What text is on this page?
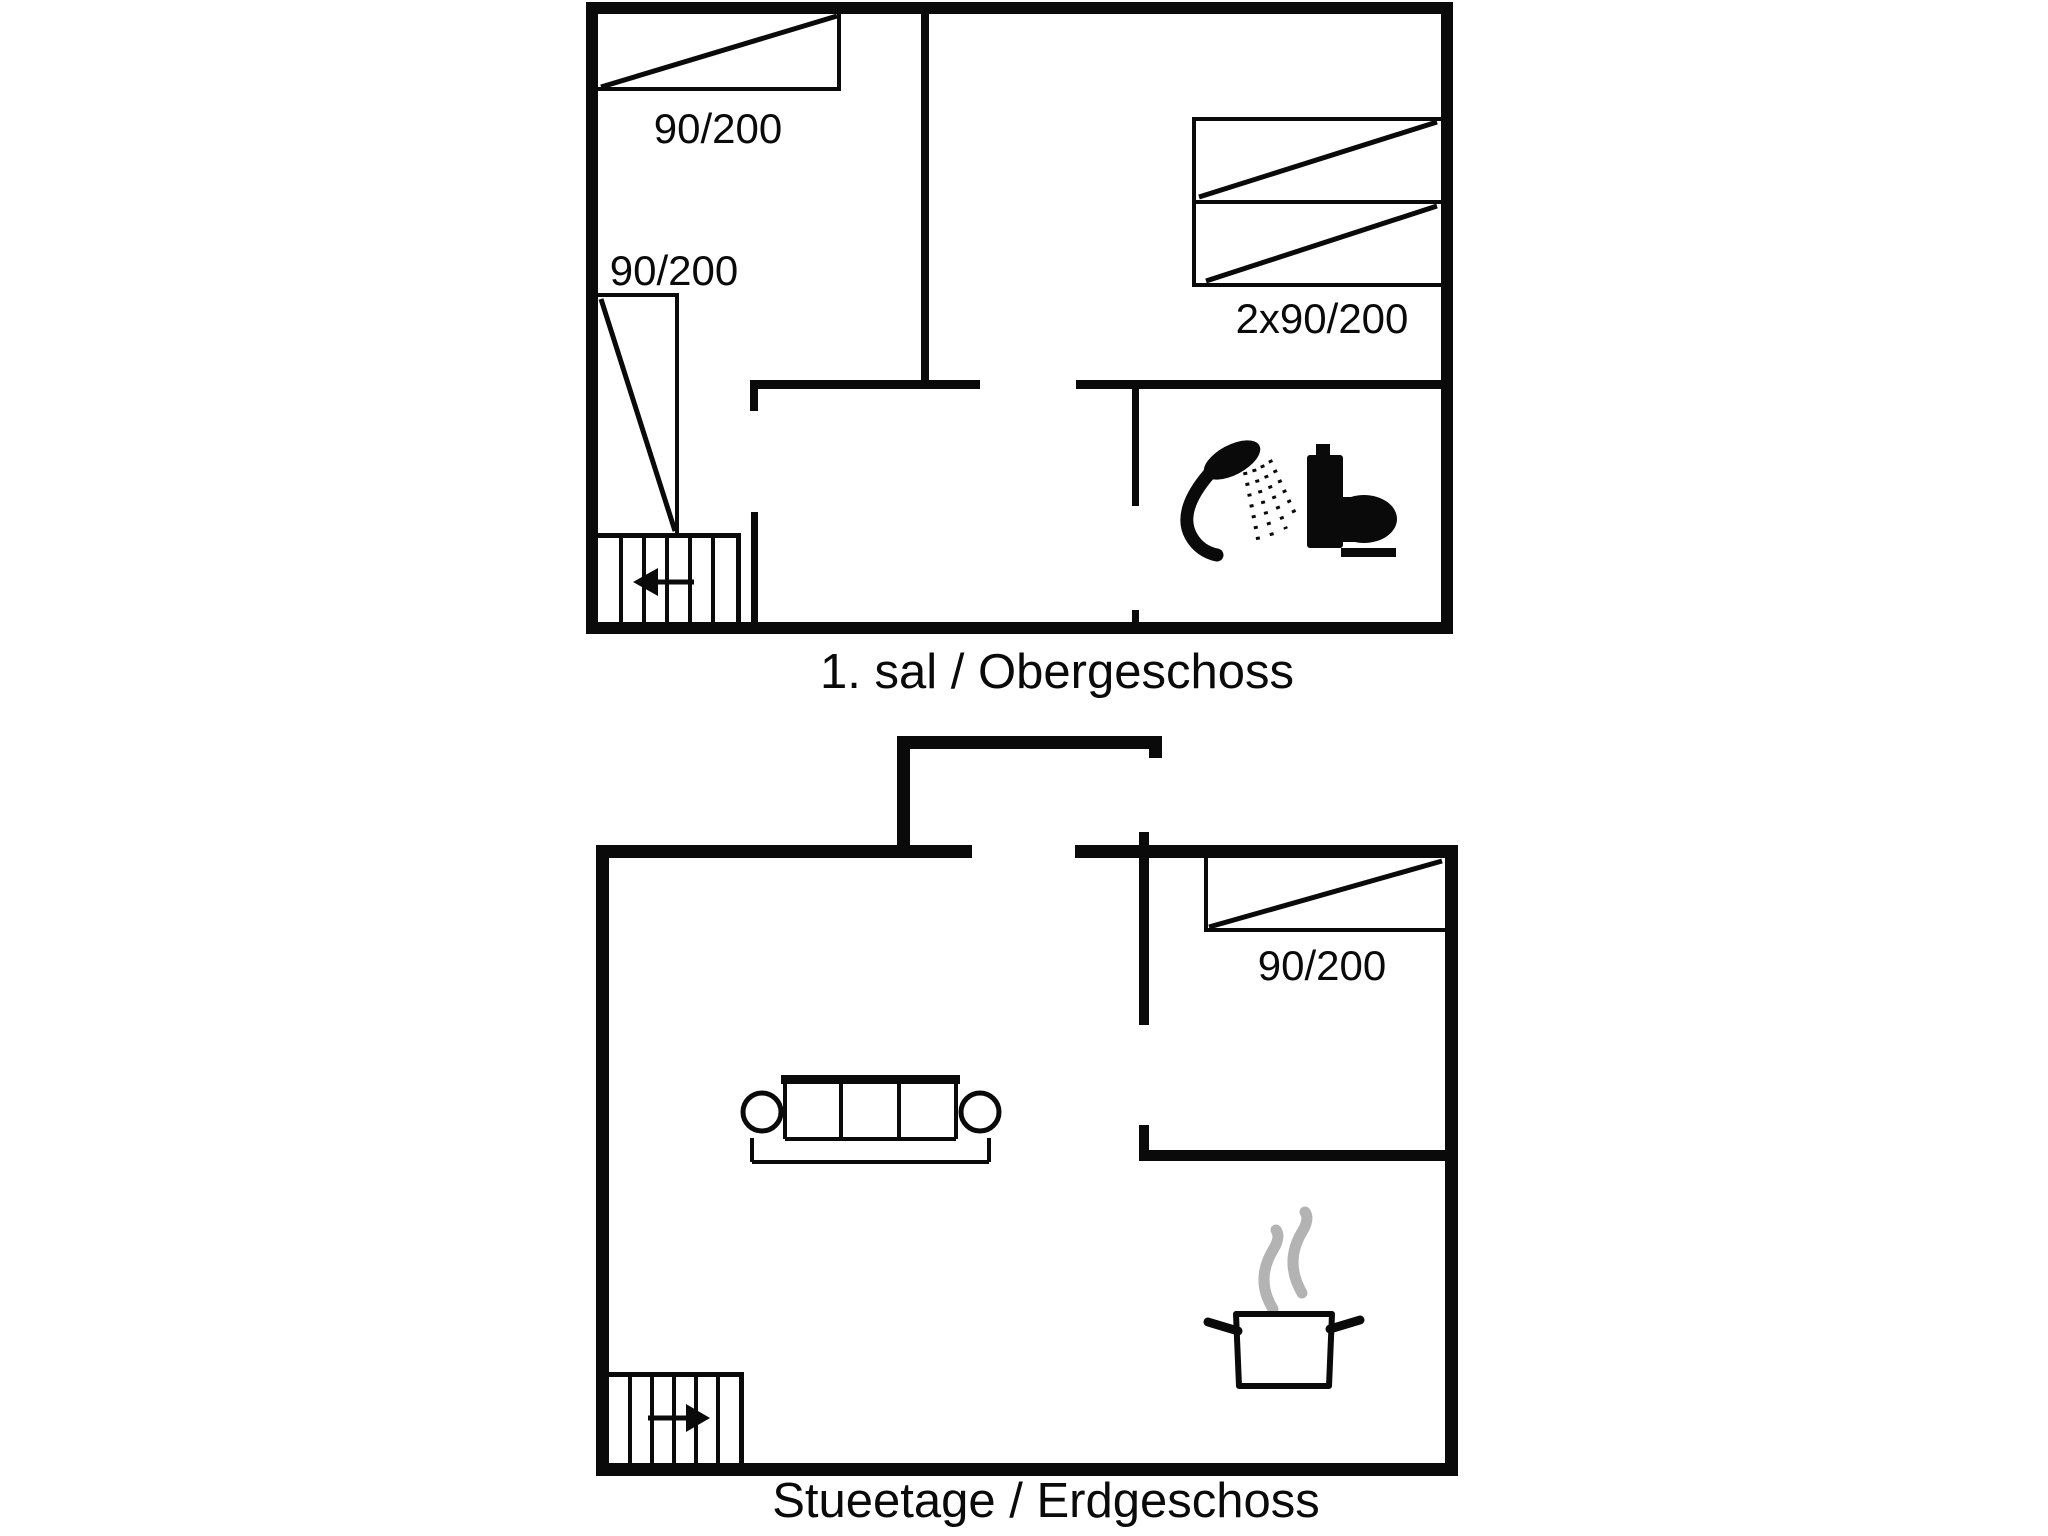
90/200
90/200
2x90/200
1. sal / Obergeschoss
90/200
Stueetage / Erdgeschoss
